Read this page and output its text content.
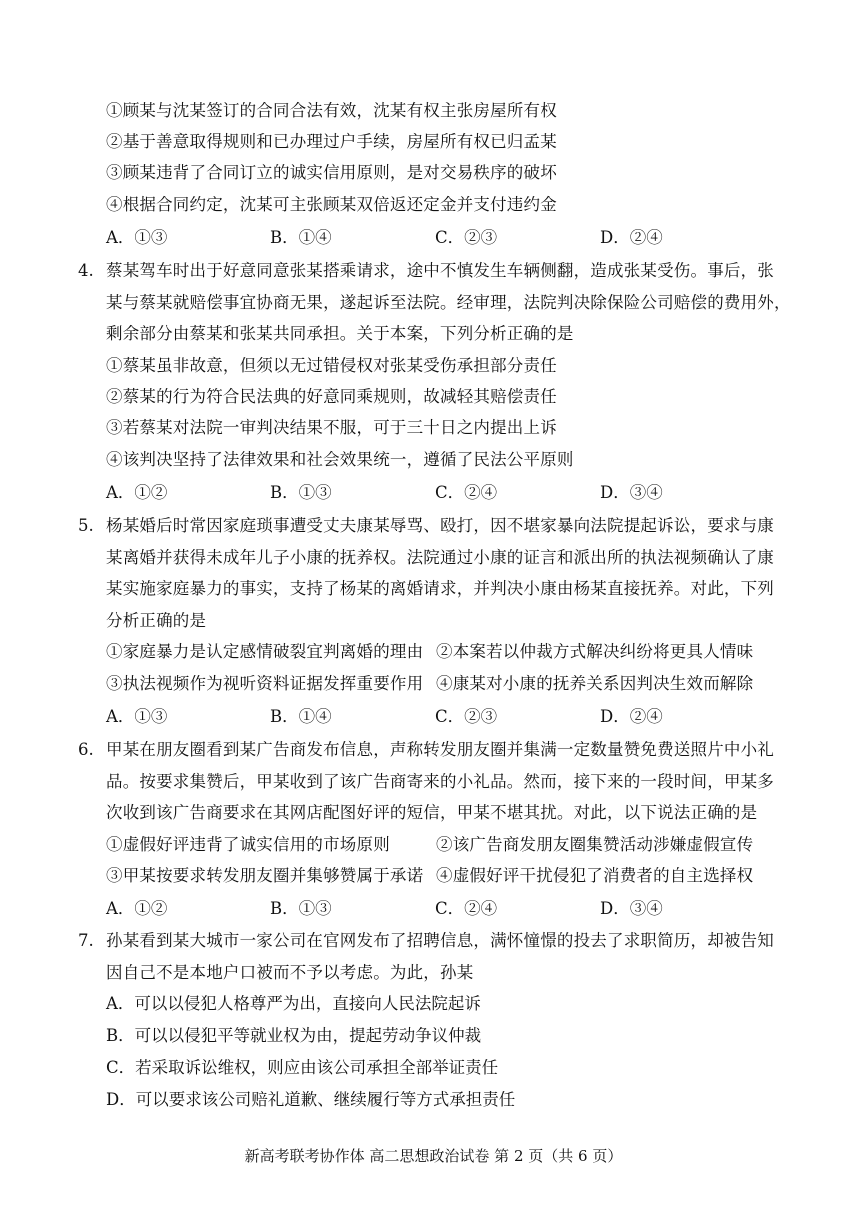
①顾某与沈某签订的合同合法有效，沈某有权主张房屋所有权
②基于善意取得规则和已办理过户手续，房屋所有权已归孟某
③顾某违背了合同订立的诚实信用原则，是对交易秩序的破坏
④根据合同约定，沈某可主张顾某双倍返还定金并支付违约金
A．①③	B．①④	C．②③	D．②④
4. 蔡某驾车时出于好意同意张某搭乘请求，途中不慎发生车辆侧翻，造成张某受伤。事后，张
某与蔡某就赔偿事宜协商无果，遂起诉至法院。经审理，法院判决除保险公司赔偿的费用外，
剩余部分由蔡某和张某共同承担。关于本案，下列分析正确的是
①蔡某虽非故意，但须以无过错侵权对张某受伤承担部分责任
②蔡某的行为符合民法典的好意同乘规则，故减轻其赔偿责任
③若蔡某对法院一审判决结果不服，可于三十日之内提出上诉
④该判决坚持了法律效果和社会效果统一，遵循了民法公平原则
A．①②	B．①③	C．②④	D．③④
5. 杨某婚后时常因家庭琐事遭受丈夫康某辱骂、殴打，因不堪家暴向法院提起诉讼，要求与康
某离婚并获得未成年儿子小康的抚养权。法院通过小康的证言和派出所的执法视频确认了康
某实施家庭暴力的事实，支持了杨某的离婚请求，并判决小康由杨某直接抚养。对此，下列
分析正确的是
①家庭暴力是认定感情破裂宜判离婚的理由 ②本案若以仲裁方式解决纠纷将更具人情味
③执法视频作为视听资料证据发挥重要作用 ④康某对小康的抚养关系因判决生效而解除
A．①③	B．①④	C．②③	D．②④
6. 甲某在朋友圈看到某广告商发布信息，声称转发朋友圈并集满一定数量赞免费送照片中小礼
品。按要求集赞后，甲某收到了该广告商寄来的小礼品。然而，接下来的一段时间，甲某多
次收到该广告商要求在其网店配图好评的短信，甲某不堪其扰。对此，以下说法正确的是
①虚假好评违背了诚实信用的市场原则	②该广告商发朋友圈集赞活动涉嫌虚假宣传
③甲某按要求转发朋友圈并集够赞属于承诺 ④虚假好评干扰侵犯了消费者的自主选择权
A．①②	B．①③	C．②④	D．③④
7. 孙某看到某大城市一家公司在官网发布了招聘信息，满怀憧憬的投去了求职简历，却被告知
因自己不是本地户口被而不予以考虑。为此，孙某
A．可以以侵犯人格尊严为出，直接向人民法院起诉
B．可以以侵犯平等就业权为由，提起劳动争议仲裁
C．若采取诉讼维权，则应由该公司承担全部举证责任
D．可以要求该公司赔礼道歉、继续履行等方式承担责任
新高考联考协作体 高二思想政治试卷 第 2 页（共 6 页）
